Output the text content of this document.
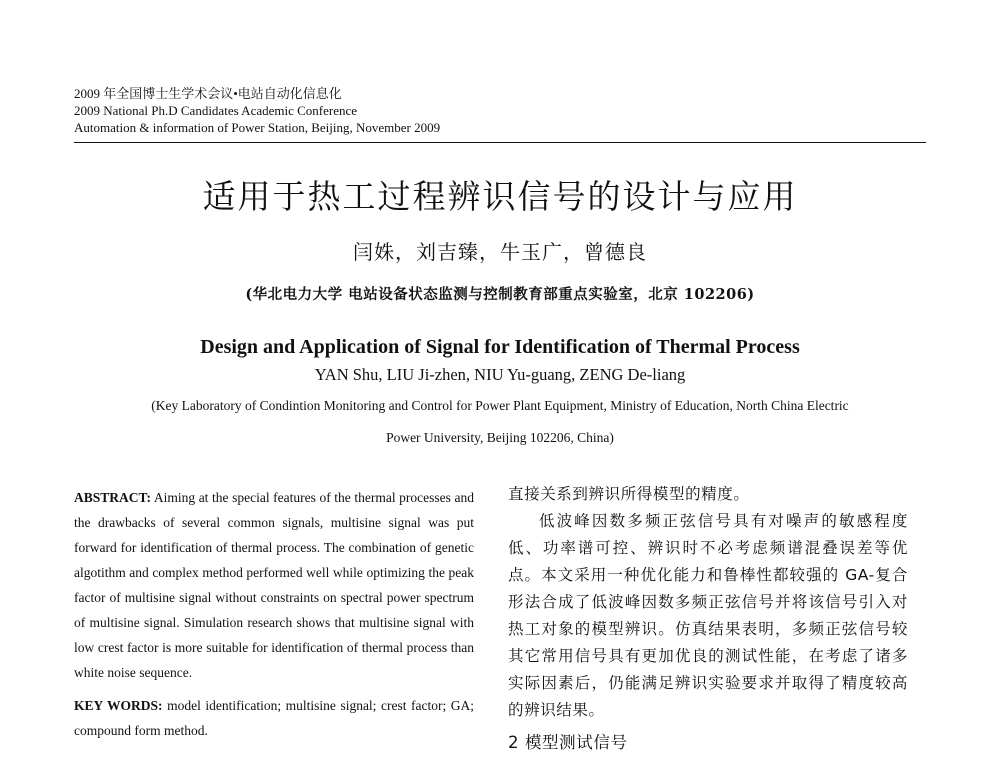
2009 年全国博士生学术会议•电站自动化信息化
2009 National Ph.D Candidates Academic Conference
Automation & information of Power Station, Beijing, November 2009
适用于热工过程辨识信号的设计与应用
闫姝，刘吉臻，牛玉广，曾德良
(华北电力大学 电站设备状态监测与控制教育部重点实验室，北京 102206)
Design and Application of Signal for Identification of Thermal Process
YAN Shu, LIU Ji-zhen, NIU Yu-guang, ZENG De-liang
(Key Laboratory of Condintion Monitoring and Control for Power Plant Equipment, Ministry of Education, North China Electric
Power University, Beijing 102206, China)

ABSTRACT: Aiming at the special features of the thermal processes and the drawbacks of several common signals, multisine signal was put forward for identification of thermal process. The combination of genetic algotithm and complex method performed well while optimizing the peak factor of multisine signal without constraints on spectral power spectrum of multisine signal. Simulation research shows that multisine signal with low crest factor is more suitable for identification of thermal process than white noise sequence.

KEY WORDS: model identification; multisine signal; crest factor; GA; compound form method.

直接关系到辨识所得模型的精度。

低波峰因数多频正弦信号具有对噪声的敏感程度低、功率谱可控、辨识时不必考虑频谱混叠误差等优点。本文采用一种优化能力和鲁棒性都较强的 GA-复合形法合成了低波峰因数多频正弦信号并将该信号引入对热工对象的模型辨识。仿真结果表明，多频正弦信号较其它常用信号具有更加优良的测试性能，在考虑了诸多实际因素后，仍能满足辨识实验要求并取得了精度较高的辨识结果。

2 模型测试信号
